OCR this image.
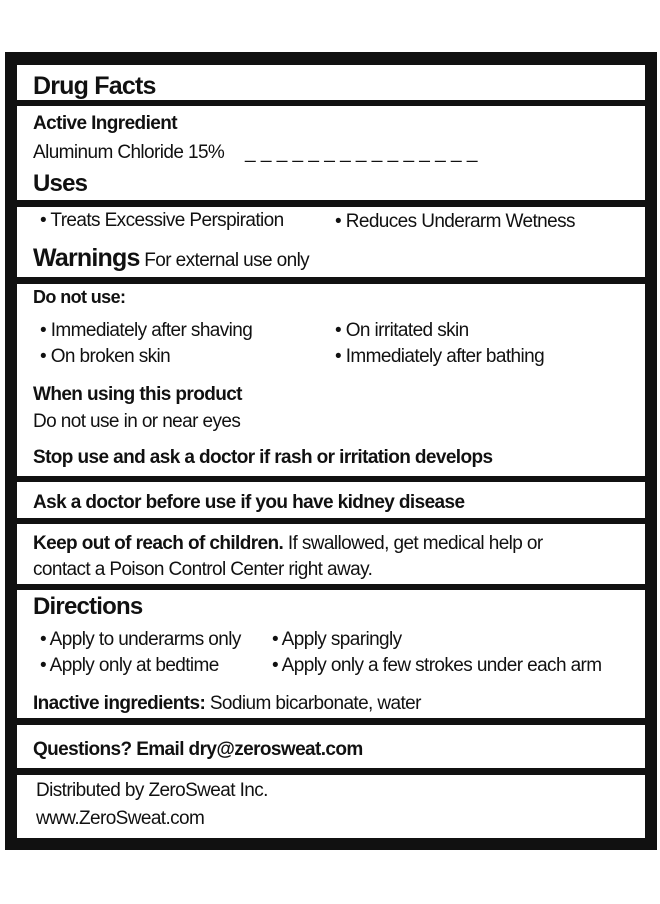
Drug Facts
Active Ingredient
Aluminum Chloride 15% _ _ _ _ _ _ _ _ _ _ _ _ _ _ _
Uses
• Treats Excessive Perspiration	• Reduces Underarm Wetness
Warnings For external use only
Do not use:
• Immediately after shaving	• On irritated skin
• On broken skin	• Immediately after bathing
When using this product
Do not use in or near eyes
Stop use and ask a doctor if rash or irritation develops
Ask a doctor before use if you have kidney disease
Keep out of reach of children. If swallowed, get medical help or
contact a Poison Control Center right away.
Directions
• Apply to underarms only • Apply sparingly
• Apply only at bedtime	• Apply only a few strokes under each arm
Inactive ingredients: Sodium bicarbonate, water
Questions? Email dry@zerosweat.com
Distributed by ZeroSweat Inc.
www.ZeroSweat.com
